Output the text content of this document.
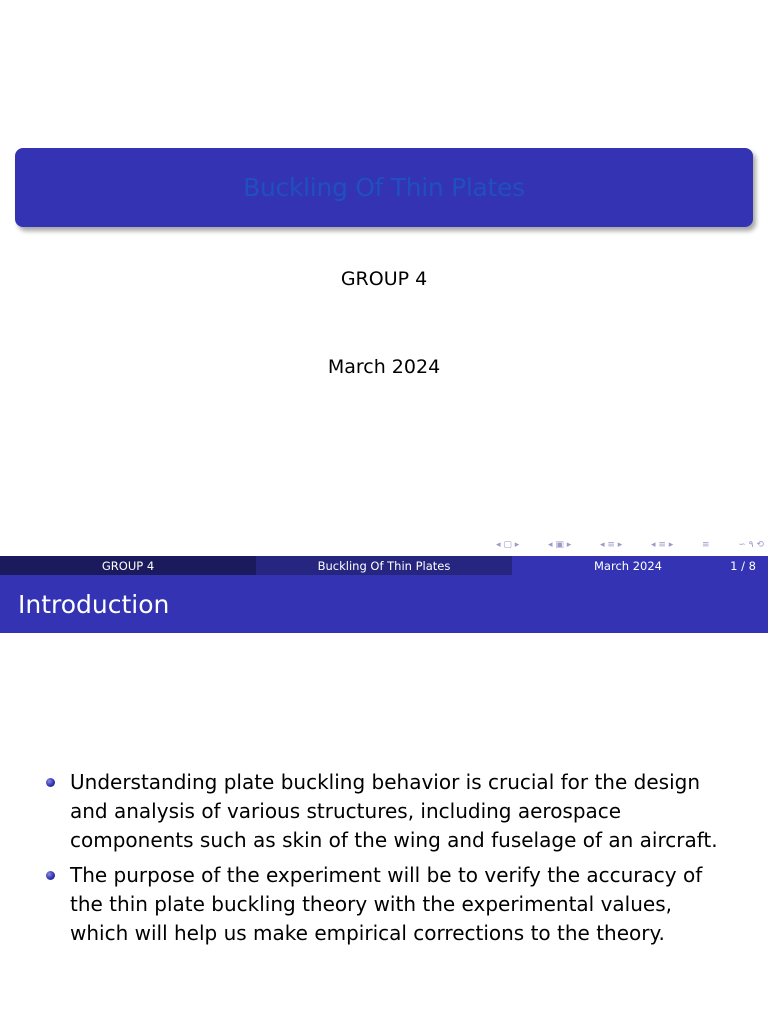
Buckling Of Thin Plates
GROUP 4
March 2024
◂ ▢ ▸	◂ ▣ ▸	◂ ≡ ▸	◂ ≡ ▸	≡	∽ ۹ ⟲
GROUP 4	Buckling Of Thin Plates	March 2024	1 / 8
Introduction
Understanding plate buckling behavior is crucial for the design and analysis of various structures, including aerospace components such as skin of the wing and fuselage of an aircraft.
The purpose of the experiment will be to verify the accuracy of the thin plate buckling theory with the experimental values, which will help us make empirical corrections to the theory.
